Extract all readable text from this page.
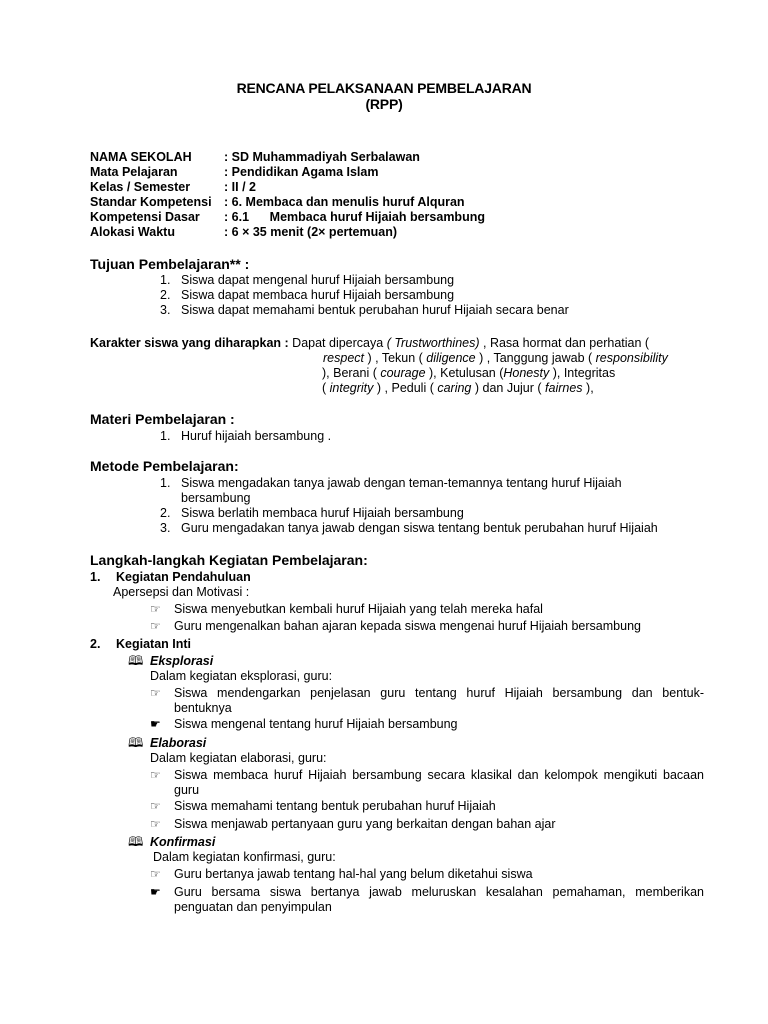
RENCANA PELAKSANAAN PEMBELAJARAN
(RPP)
NAMA SEKOLAH	: SD Muhammadiyah Serbalawan
Mata Pelajaran	: Pendidikan Agama Islam
Kelas / Semester	: II / 2
Standar Kompetensi : 6. Membaca dan menulis huruf Alquran
Kompetensi Dasar : 6.1 Membaca huruf Hijaiah bersambung
Alokasi Waktu	: 6 × 35 menit (2× pertemuan)
Tujuan Pembelajaran** :
1. Siswa dapat mengenal huruf Hijaiah bersambung
2. Siswa dapat membaca huruf Hijaiah bersambung
3. Siswa dapat memahami bentuk perubahan huruf Hijaiah secara benar
Karakter siswa yang diharapkan : Dapat dipercaya ( Trustworthines) , Rasa hormat dan perhatian (
respect ) , Tekun ( diligence ) , Tanggung jawab ( responsibility
), Berani ( courage ), Ketulusan (Honesty ), Integritas
( integrity ) , Peduli ( caring ) dan Jujur ( fairnes ),
Materi Pembelajaran :
1. Huruf hijaiah bersambung .
Metode Pembelajaran:
1. Siswa mengadakan tanya jawab dengan teman-temannya tentang huruf Hijaiah bersambung
2. Siswa berlatih membaca huruf Hijaiah bersambung
3. Guru mengadakan tanya jawab dengan siswa tentang bentuk perubahan huruf Hijaiah
Langkah-langkah Kegiatan Pembelajaran:
1. Kegiatan Pendahuluan
Apersepsi dan Motivasi :
☞ Siswa menyebutkan kembali huruf Hijaiah yang telah mereka hafal
☞ Guru mengenalkan bahan ajaran kepada siswa mengenai huruf Hijaiah bersambung
2. Kegiatan Inti
🕮 Eksplorasi
Dalam kegiatan eksplorasi, guru:
☞ Siswa mendengarkan penjelasan guru tentang huruf Hijaiah bersambung dan bentuk-bentuknya
☛ Siswa mengenal tentang huruf Hijaiah bersambung
🕮 Elaborasi
Dalam kegiatan elaborasi, guru:
☞ Siswa membaca huruf Hijaiah bersambung secara klasikal dan kelompok mengikuti bacaan guru
☞ Siswa memahami tentang bentuk perubahan huruf Hijaiah
☞ Siswa menjawab pertanyaan guru yang berkaitan dengan bahan ajar
🕮 Konfirmasi
Dalam kegiatan konfirmasi, guru:
☞ Guru bertanya jawab tentang hal-hal yang belum diketahui siswa
☛ Guru bersama siswa bertanya jawab meluruskan kesalahan pemahaman, memberikan penguatan dan penyimpulan
